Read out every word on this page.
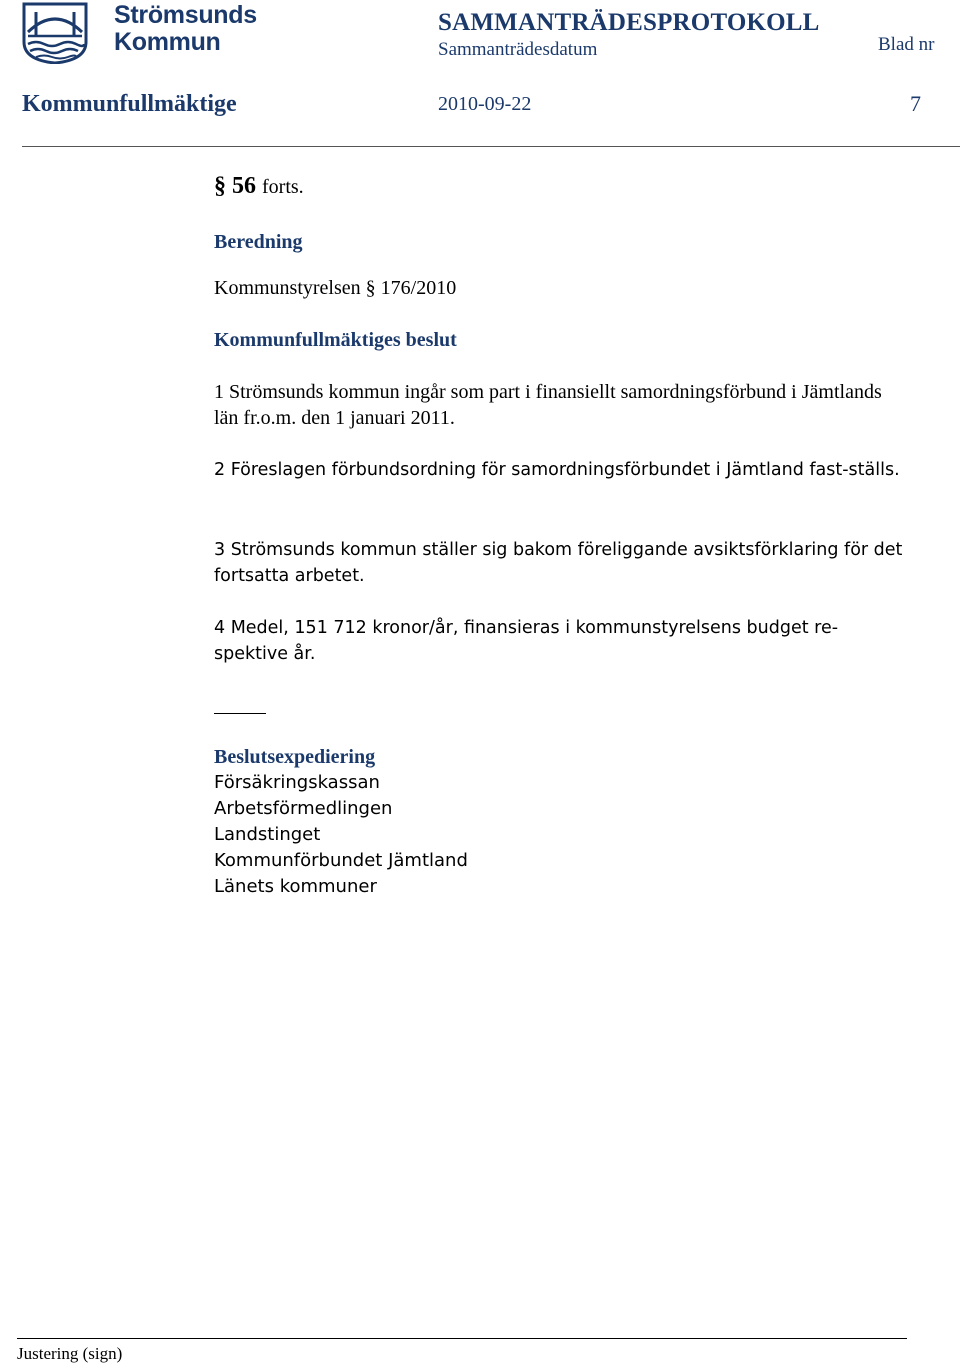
Strömsunds
Kommun
SAMMANTRÄDESPROTOKOLL
Sammanträdesdatum	Blad nr
Kommunfullmäktige	2010-09-22	7
§ 56 forts.
Beredning
Kommunstyrelsen § 176/2010
Kommunfullmäktiges beslut
1 Strömsunds kommun ingår som part i finansiellt samordningsförbund i Jämtlands län fr.o.m. den 1 januari 2011.
2 Föreslagen förbundsordning för samordningsförbundet i Jämtland fast-ställs.
3 Strömsunds kommun ställer sig bakom föreliggande avsiktsförklaring för det fortsatta arbetet.
4 Medel, 151 712 kronor/år, finansieras i kommunstyrelsens budget re-spektive år.
Beslutsexpediering
Försäkringskassan
Arbetsförmedlingen
Landstinget
Kommunförbundet Jämtland
Länets kommuner
Justering (sign)
